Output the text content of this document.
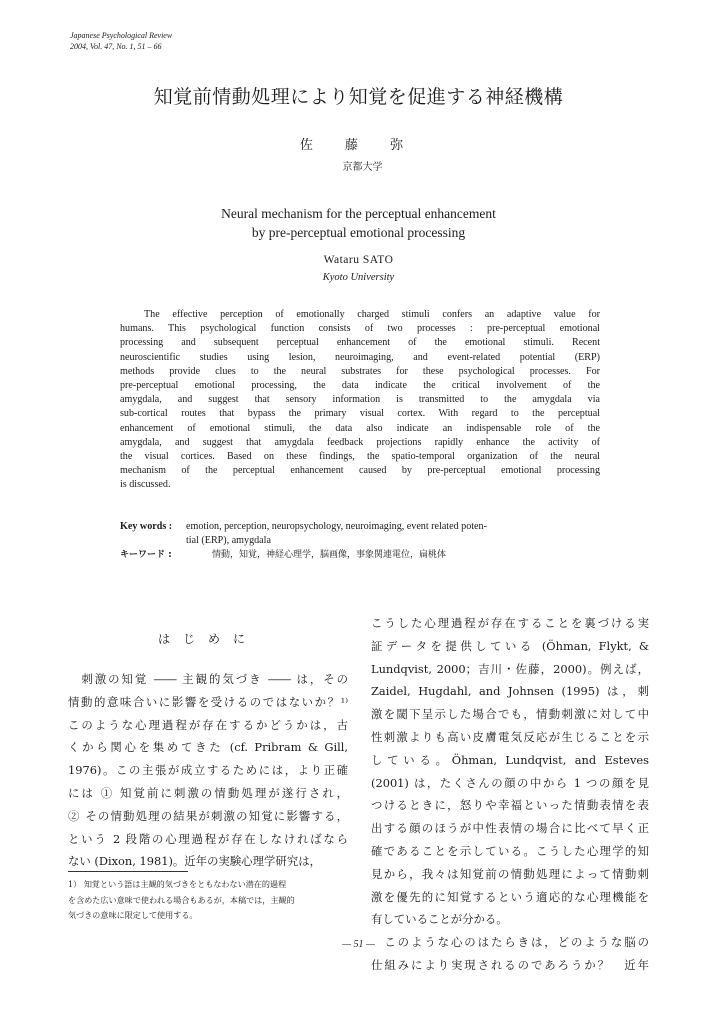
Japanese Psychological Review
2004, Vol. 47, No. 1, 51 – 66
知覚前情動処理により知覚を促進する神経機構
佐 藤 弥
京都大学
Neural mechanism for the perceptual enhancement
by pre-perceptual emotional processing
Wataru SATO
Kyoto University
The effective perception of emotionally charged stimuli confers an adaptive value for
humans. This psychological function consists of two processes : pre-perceptual emotional
processing and subsequent perceptual enhancement of the emotional stimuli. Recent
neuroscientific studies using lesion, neuroimaging, and event-related potential (ERP)
methods provide clues to the neural substrates for these psychological processes. For
pre-perceptual emotional processing, the data indicate the critical involvement of the
amygdala, and suggest that sensory information is transmitted to the amygdala via
sub-cortical routes that bypass the primary visual cortex. With regard to the perceptual
enhancement of emotional stimuli, the data also indicate an indispensable role of the
amygdala, and suggest that amygdala feedback projections rapidly enhance the activity of
the visual cortices. Based on these findings, the spatio-temporal organization of the neural
mechanism of the perceptual enhancement caused by pre-perceptual emotional processing
is discussed.
Key words :	emotion, perception, neuropsychology, neuroimaging, event related poten-
tial (ERP), amygdala
キーワード :	情動，知覚，神経心理学，脳画像，事象関連電位，扁桃体
はじめに
　刺激の知覚 ―― 主観的気づき ―― は，その
情動的意味合いに影響を受けるのではないか？¹⁾
このような心理過程が存在するかどうかは，古
くから関心を集めてきた (cf. Pribram & Gill,
1976)。この主張が成立するためには，より正確
には ① 知覚前に刺激の情動処理が遂行され，
② その情動処理の結果が刺激の知覚に影響する，
という 2 段階の心理過程が存在しなければなら
ない (Dixon, 1981)。近年の実験心理学研究は，
こうした心理過程が存在することを裏づける実
証データを提供している (Öhman, Flykt, &
Lundqvist, 2000；吉川・佐藤，2000)。例えば，
Zaidel, Hugdahl, and Johnsen (1995) は，刺
激を閾下呈示した場合でも，情動刺激に対して中
性刺激よりも高い皮膚電気反応が生じることを示
している。Öhman, Lundqvist, and Esteves
(2001) は，たくさんの顔の中から 1 つの顔を見
つけるときに，怒りや幸福といった情動表情を表
出する顔のほうが中性表情の場合に比べて早く正
確であることを示している。こうした心理学的知
見から，我々は知覚前の情動処理によって情動刺
激を優先的に知覚するという適応的な心理機能を
有していることが分かる。
　このような心のはたらきは，どのような脳の
仕組みにより実現されるのであろうか？　近年
1） 知覚という語は主観的気づきをともなわない潜在的過程
を含めた広い意味で使われる場合もあるが，本稿では，主観的
気づきの意味に限定して使用する。
— 51 —
